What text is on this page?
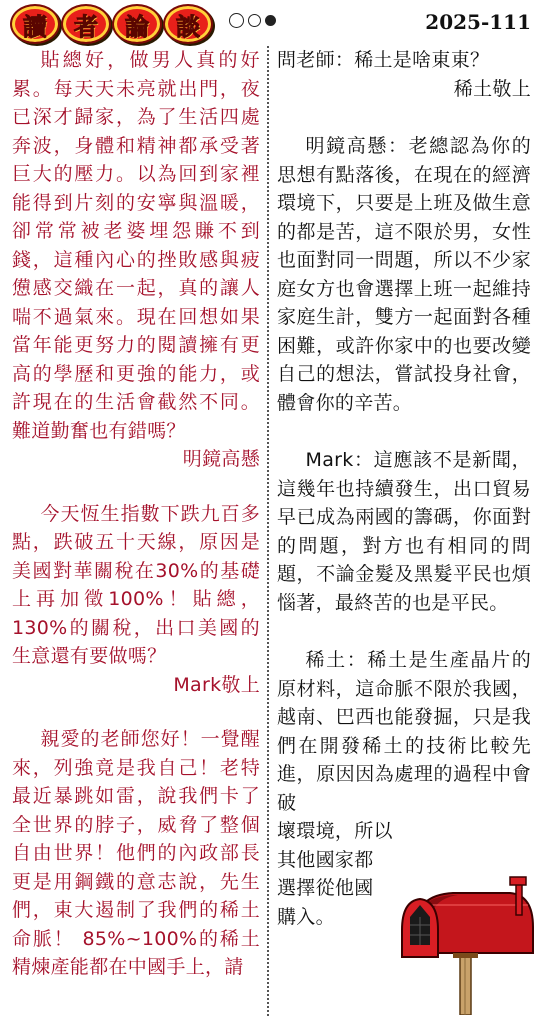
讀	者	論	談	2025-111

貼總好，做男人真的好累。每天天未亮就出門，夜已深才歸家，為了生活四處奔波，身體和精神都承受著巨大的壓力。以為回到家裡能得到片刻的安寧與溫暖，卻常常被老婆埋怨賺不到錢，這種內心的挫敗感與疲憊感交織在一起，真的讓人喘不過氣來。現在回想如果當年能更努力的閱讀擁有更高的學歷和更強的能力，或許現在的生活會截然不同。難道勤奮也有錯嗎？

明鏡高懸

今天恆生指數下跌九百多點，跌破五十天線，原因是美國對華關稅在30%的基礎上再加徵100%！貼總，130%的關稅，出口美國的生意還有要做嗎？

Mark敬上

親愛的老師您好！一覺醒來，列強竟是我自己！老特最近暴跳如雷，說我們卡了全世界的脖子，威脅了整個自由世界！他們的內政部長更是用鋼鐵的意志說，先生們，東大遏制了我們的稀土命脈！ 85%~100%的稀土精煉產能都在中國手上，請

問老師：稀土是啥東東？

稀土敬上

明鏡高懸：老總認為你的思想有點落後，在現在的經濟環境下，只要是上班及做生意的都是苦，這不限於男，女性也面對同一問題，所以不少家庭女方也會選擇上班一起維持家庭生計，雙方一起面對各種困難，或許你家中的也要改變自己的想法，嘗試投身社會，體會你的辛苦。

Mark：這應該不是新聞，這幾年也持續發生，出口貿易早已成為兩國的籌碼，你面對的問題，對方也有相同的問題，不論金髮及黑髮平民也煩惱著，最終苦的也是平民。

稀土：稀土是生產晶片的原材料，這命脈不限於我國，越南、巴西也能發掘，只是我們在開發稀土的技術比較先進，原因因為處理的過程中會破

壞環境，所以
其他國家都
選擇從他國
購入。
